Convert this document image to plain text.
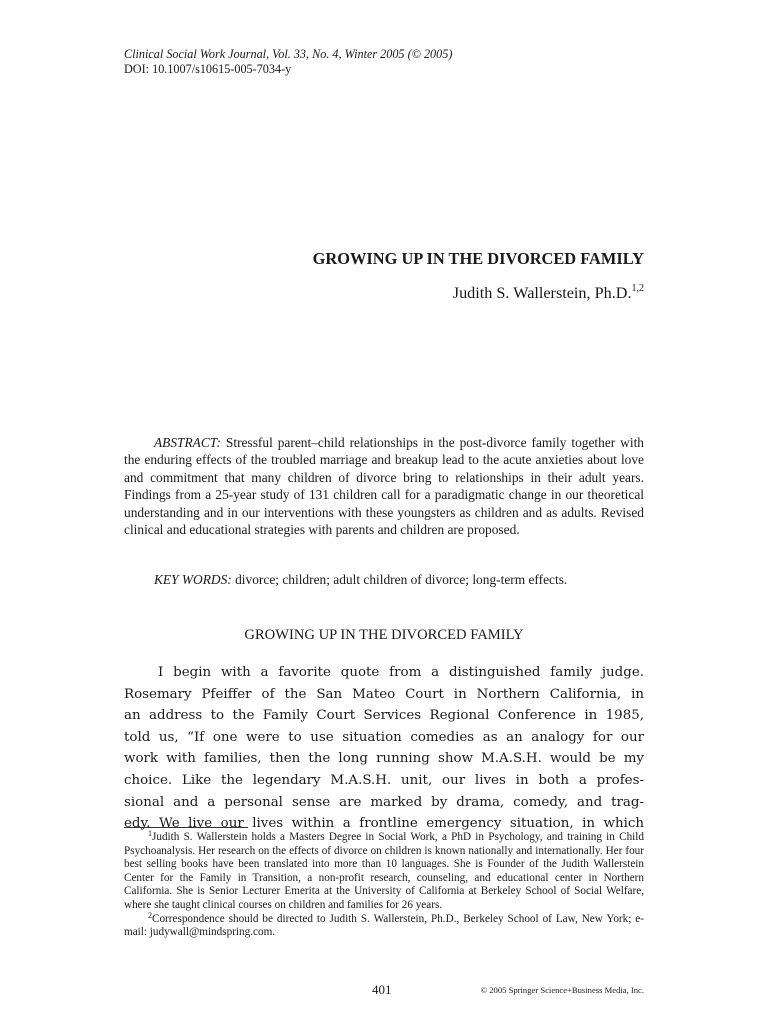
Clinical Social Work Journal, Vol. 33, No. 4, Winter 2005 (© 2005)
DOI: 10.1007/s10615-005-7034-y
GROWING UP IN THE DIVORCED FAMILY
Judith S. Wallerstein, Ph.D.$^{1,2}$
ABSTRACT: Stressful parent–child relationships in the post-divorce family together with the enduring effects of the troubled marriage and breakup lead to the acute anxieties about love and commitment that many children of divorce bring to relationships in their adult years. Findings from a 25-year study of 131 children call for a paradigmatic change in our theoretical understanding and in our interventions with these youngsters as children and as adults. Revised clinical and educational strategies with parents and children are proposed.
KEY WORDS: divorce; children; adult children of divorce; long-term effects.
GROWING UP IN THE DIVORCED FAMILY
I begin with a favorite quote from a distinguished family judge.
Rosemary Pfeiffer of the San Mateo Court in Northern California, in
an address to the Family Court Services Regional Conference in 1985,
told us, “If one were to use situation comedies as an analogy for our
work with families, then the long running show M.A.S.H. would be my
choice. Like the legendary M.A.S.H. unit, our lives in both a profes-
sional and a personal sense are marked by drama, comedy, and trag-
edy. We live our lives within a frontline emergency situation, in which

$^1$Judith S. Wallerstein holds a Masters Degree in Social Work, a PhD in Psychology, and training in Child Psychoanalysis. Her research on the effects of divorce on children is known nationally and internationally. Her four best selling books have been translated into more than 10 languages. She is Founder of the Judith Wallerstein Center for the Family in Transition, a non-profit research, counseling, and educational center in Northern California. She is Senior Lecturer Emerita at the University of California at Berkeley School of Social Welfare, where she taught clinical courses on children and families for 26 years.

$^2$Correspondence should be directed to Judith S. Wallerstein, Ph.D., Berkeley School of Law, New York; e-mail: judywall@mindspring.com.

401	© 2005 Springer Science+Business Media, Inc.
